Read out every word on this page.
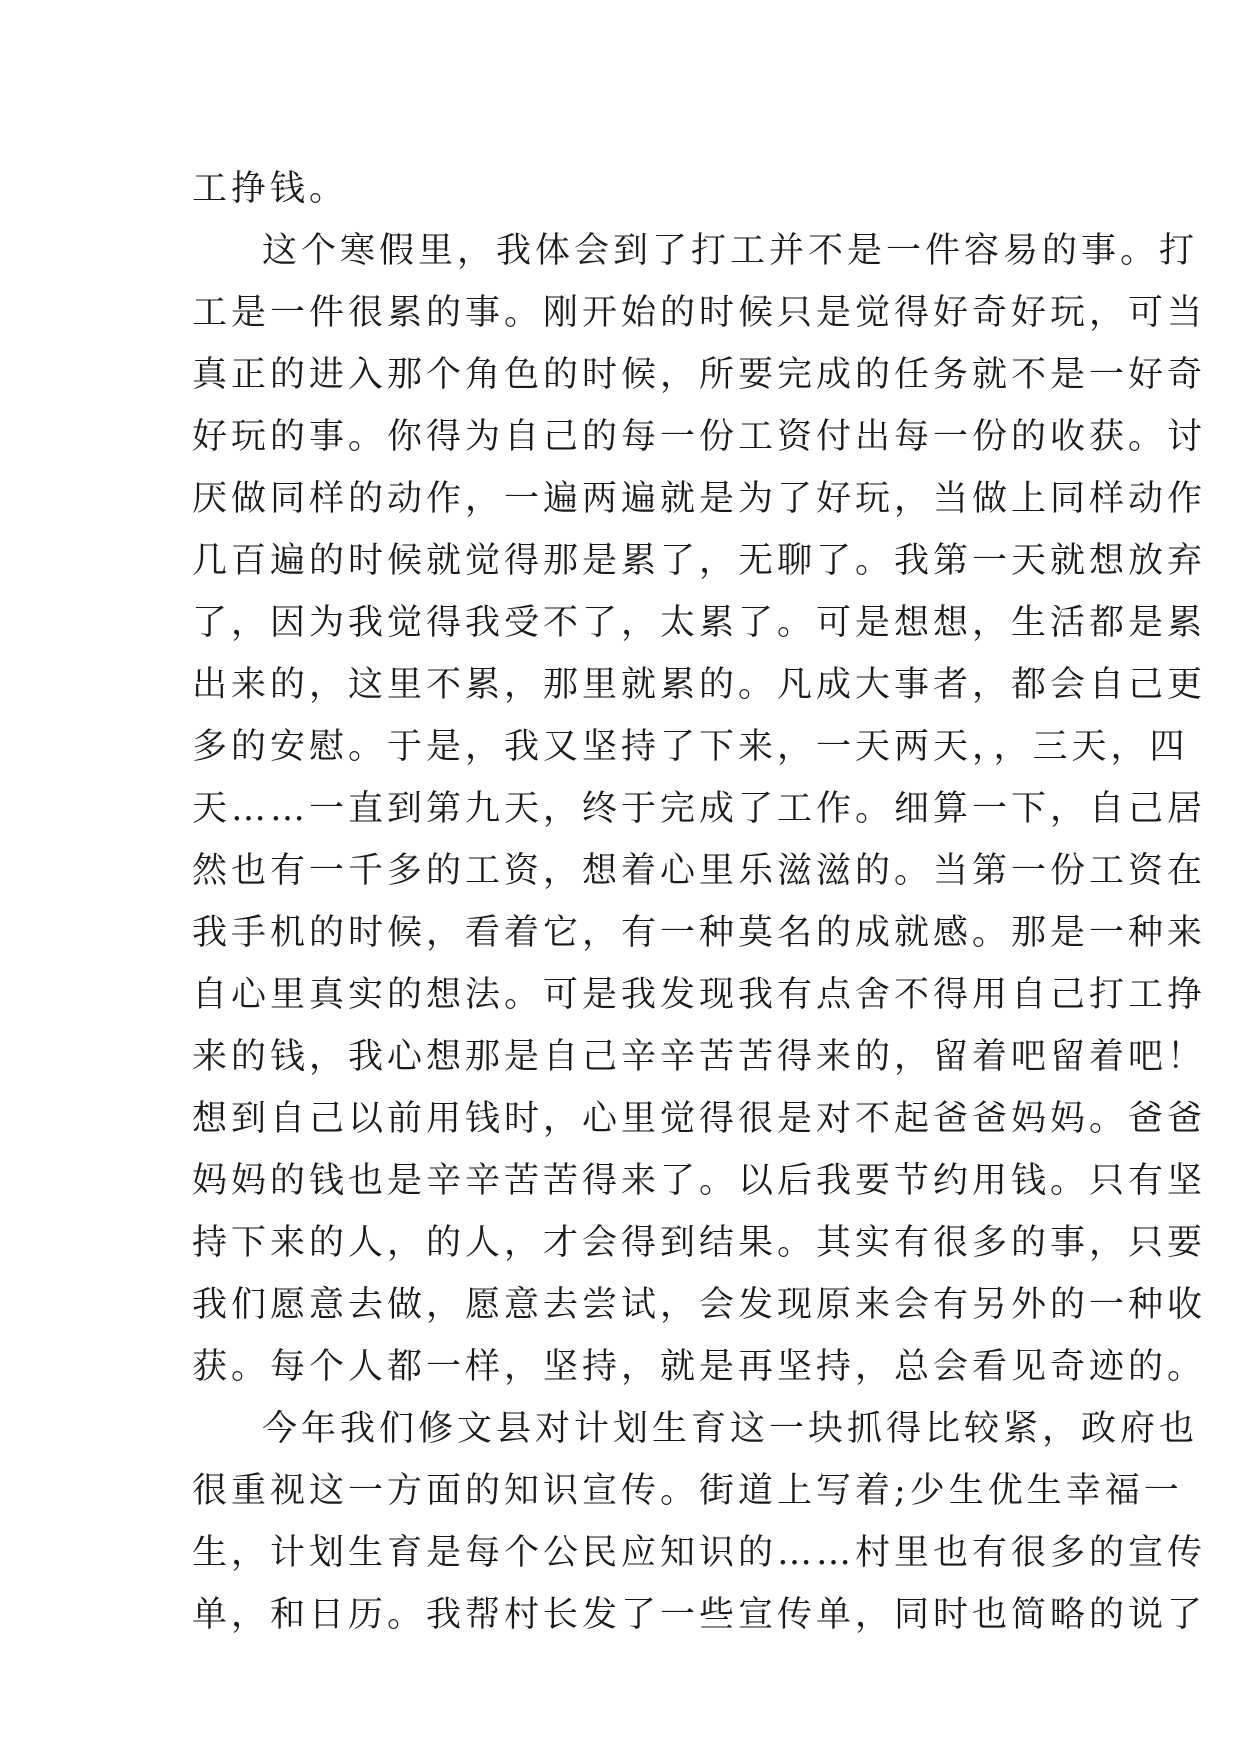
工挣钱。
这个寒假里，我体会到了打工并不是一件容易的事。打
工是一件很累的事。刚开始的时候只是觉得好奇好玩，可当
真正的进入那个角色的时候，所要完成的任务就不是一好奇
好玩的事。你得为自己的每一份工资付出每一份的收获。讨
厌做同样的动作，一遍两遍就是为了好玩，当做上同样动作
几百遍的时候就觉得那是累了，无聊了。我第一天就想放弃
了，因为我觉得我受不了，太累了。可是想想，生活都是累
出来的，这里不累，那里就累的。凡成大事者，都会自己更
多的安慰。于是，我又坚持了下来，一天两天，，三天，四
天……一直到第九天，终于完成了工作。细算一下，自己居
然也有一千多的工资，想着心里乐滋滋的。当第一份工资在
我手机的时候，看着它，有一种莫名的成就感。那是一种来
自心里真实的想法。可是我发现我有点舍不得用自己打工挣
来的钱，我心想那是自己辛辛苦苦得来的，留着吧留着吧！
想到自己以前用钱时，心里觉得很是对不起爸爸妈妈。爸爸
妈妈的钱也是辛辛苦苦得来了。以后我要节约用钱。只有坚
持下来的人，的人，才会得到结果。其实有很多的事，只要
我们愿意去做，愿意去尝试，会发现原来会有另外的一种收
获。每个人都一样，坚持，就是再坚持，总会看见奇迹的。
今年我们修文县对计划生育这一块抓得比较紧，政府也
很重视这一方面的知识宣传。街道上写着;少生优生幸福一
生，计划生育是每个公民应知识的……村里也有很多的宣传
单，和日历。我帮村长发了一些宣传单，同时也简略的说了
